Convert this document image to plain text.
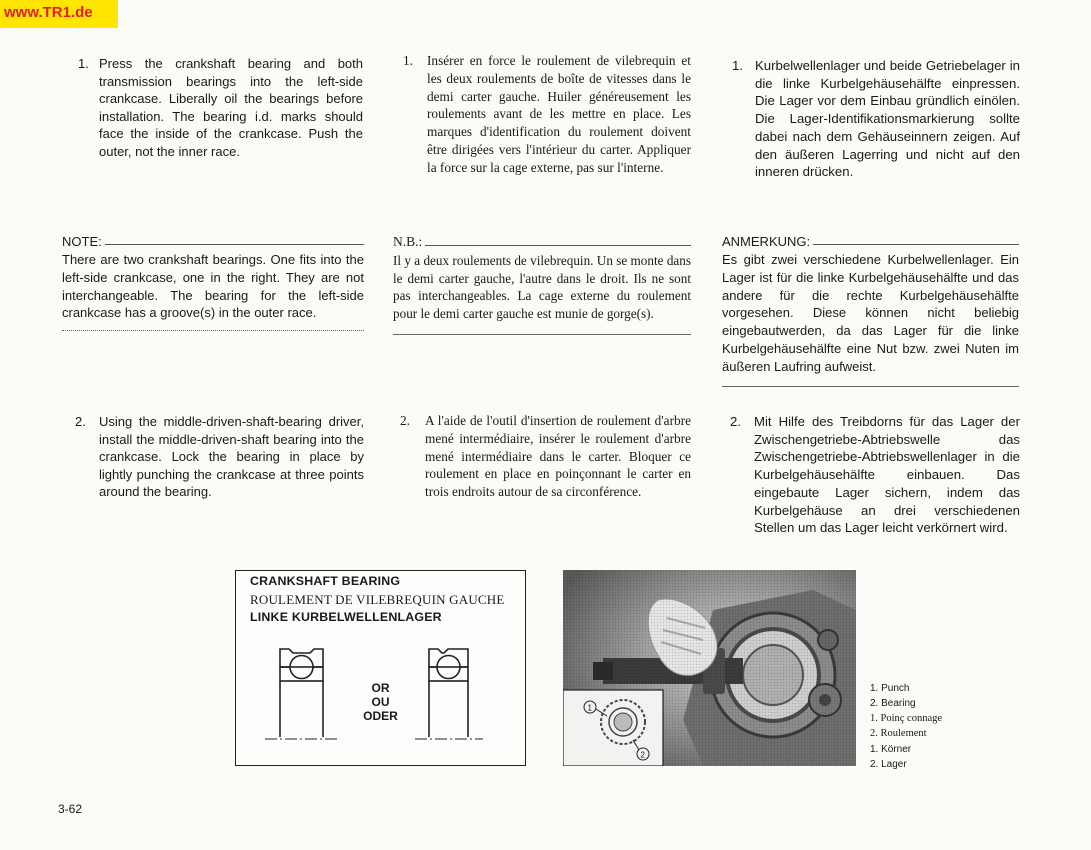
www.TR1.de
1. Press the crankshaft bearing and both transmission bearings into the left-side crankcase. Liberally oil the bearings before installation. The bearing i.d. marks should face the inside of the crankcase. Push the outer, not the inner race.
1. Insérer en force le roulement de vilebrequin et les deux roulements de boîte de vitesses dans le demi carter gauche. Huiler généreusement les roulements avant de les mettre en place. Les marques d'identification du roulement doivent être dirigées vers l'intérieur du carter. Appliquer la force sur la cage externe, pas sur l'interne.
1. Kurbelwellenlager und beide Getriebelager in die linke Kurbelgehäusehälfte einpressen. Die Lager vor dem Einbau gründlich einölen. Die Lager-Identifikationsmarkierung sollte dabei nach dem Gehäuseinnern zeigen. Auf den äußeren Lagerring und nicht auf den inneren drücken.
NOTE:
There are two crankshaft bearings. One fits into the left-side crankcase, one in the right. They are not interchangeable. The bearing for the left-side crankcase has a groove(s) in the outer race.
N.B.:
Il y a deux roulements de vilebrequin. Un se monte dans le demi carter gauche, l'autre dans le droit. Ils ne sont pas interchangeables. La cage externe du roulement pour le demi carter gauche est munie de gorge(s).
ANMERKUNG:
Es gibt zwei verschiedene Kurbelwellenlager. Ein Lager ist für die linke Kurbelgehäusehälfte und das andere für die rechte Kurbelgehäusehälfte vorgesehen. Diese können nicht beliebig eingebautwerden, da das Lager für die linke Kurbelgehäusehälfte eine Nut bzw. zwei Nuten im äußeren Laufring aufweist.
2. Using the middle-driven-shaft-bearing driver, install the middle-driven-shaft bearing into the crankcase. Lock the bearing in place by lightly punching the crankcase at three points around the bearing.
2. A l'aide de l'outil d'insertion de roulement d'arbre mené intermédiaire, insérer le roulement d'arbre mené intermédiaire dans le carter. Bloquer ce roulement en place en poinçonnant le carter en trois endroits autour de sa circonférence.
2. Mit Hilfe des Treibdorns für das Lager der Zwischengetriebe-Abtriebswelle das Zwischengetriebe-Abtriebswellenlager in die Kurbelgehäusehälfte einbauen. Das eingebaute Lager sichern, indem das Kurbelgehäuse an drei verschiedenen Stellen um das Lager leicht verkörnert wird.
CRANKSHAFT BEARING
ROULEMENT DE VILEBREQUIN GAUCHE
LINKE KURBELWELLENLAGER
OR
OU
ODER
1
2
1. Punch
2. Bearing
1. Poinç connage
2. Roulement
1. Körner
2. Lager
3-62
